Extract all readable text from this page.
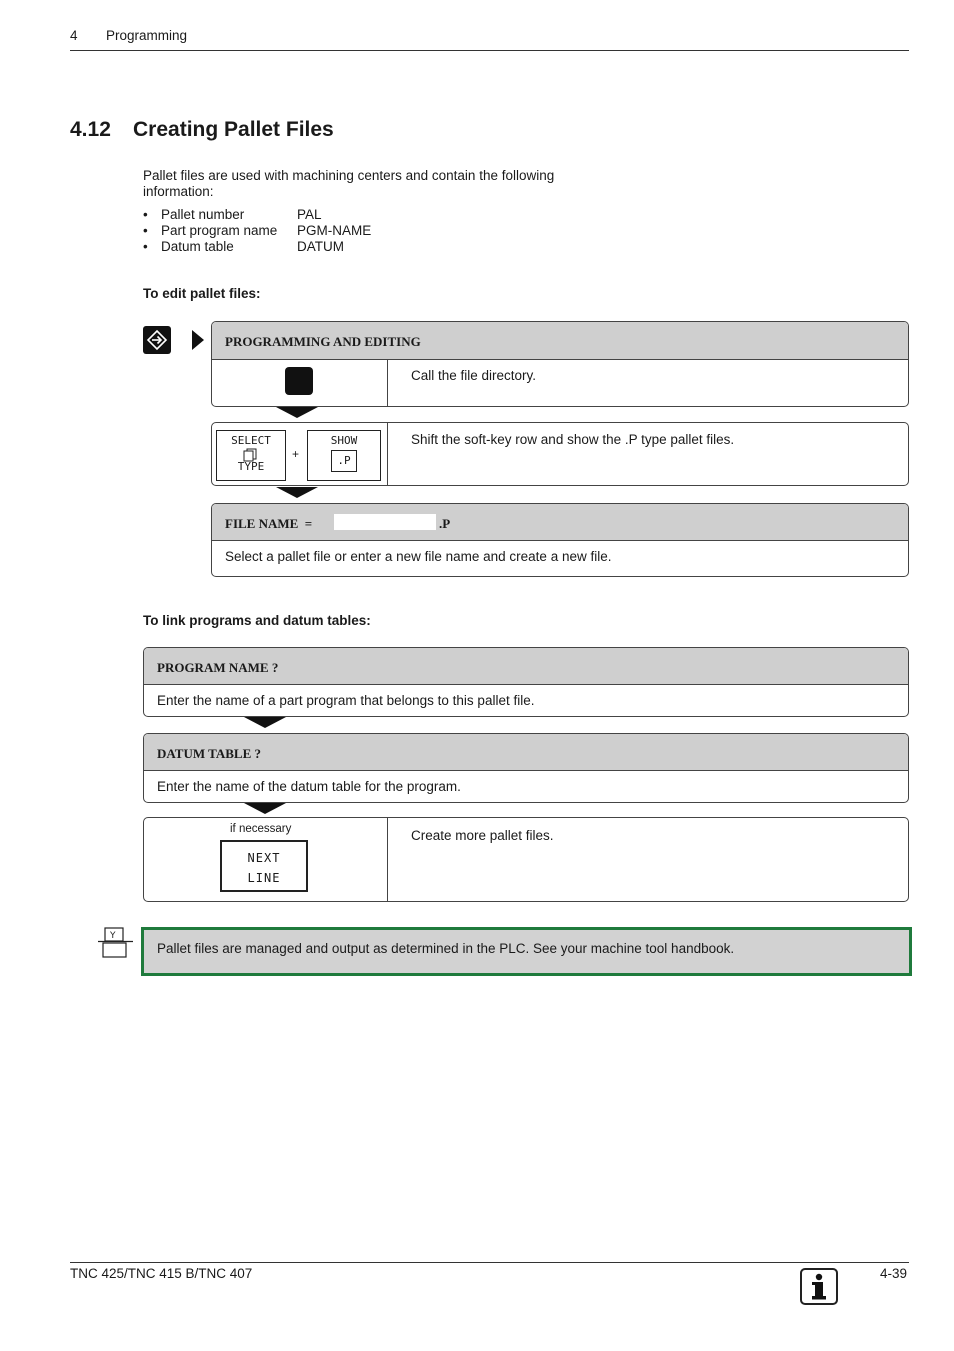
4 Programming
4.12 Creating Pallet Files
Pallet files are used with machining centers and contain the following information:
• Pallet number	PAL
• Part program name PGM-NAME
• Datum table	DATUM
To edit pallet files:
PROGRAMMING AND EDITING
Call the file directory.
Shift the soft-key row and show the .P type pallet files.
SELECT
TYPE
+
SHOW
.P
FILE NAME  =	.P
Select a pallet file or enter a new file name and create a new file.
To link programs and datum tables:
PROGRAM NAME ?
Enter the name of a part program that belongs to this pallet file.
DATUM TABLE ?
Enter the name of the datum table for the program.
if necessary	Create more pallet files.
NEXT
LINE
Y
Pallet files are managed and output as determined in the PLC. See your machine tool handbook.
TNC 425/TNC 415 B/TNC 407	4-39
